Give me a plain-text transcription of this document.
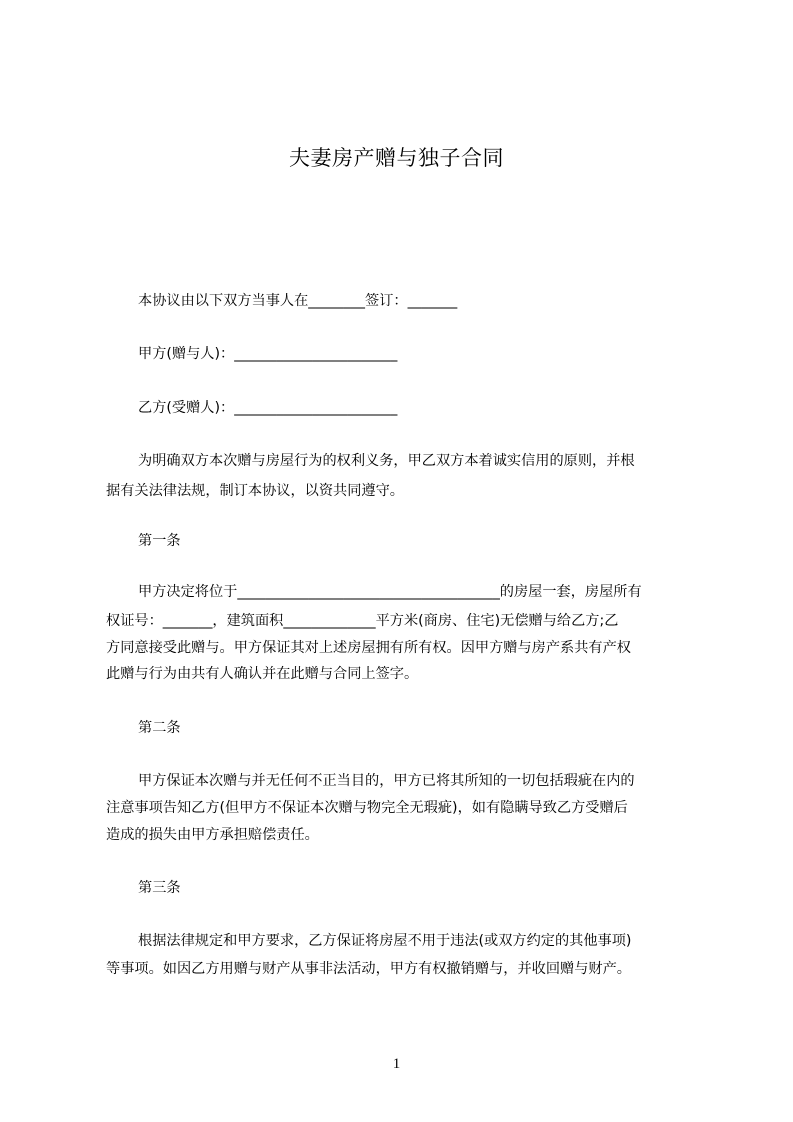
夫妻房产赠与独子合同
本协议由以下双方当事人在________签订：_______
甲方(赠与人)：_______________________
乙方(受赠人)：_______________________
为明确双方本次赠与房屋行为的权利义务，甲乙双方本着诚实信用的原则，并根
据有关法律法规，制订本协议，以资共同遵守。
第一条
甲方决定将位于_____________________________________的房屋一套，房屋所有
权证号：_______，建筑面积_____________平方米(商房、住宅)无偿赠与给乙方;乙
方同意接受此赠与。甲方保证其对上述房屋拥有所有权。因甲方赠与房产系共有产权
此赠与行为由共有人确认并在此赠与合同上签字。
第二条
甲方保证本次赠与并无任何不正当目的，甲方已将其所知的一切包括瑕疵在内的
注意事项告知乙方(但甲方不保证本次赠与物完全无瑕疵)，如有隐瞒导致乙方受赠后
造成的损失由甲方承担赔偿责任。
第三条
根据法律规定和甲方要求，乙方保证将房屋不用于违法(或双方约定的其他事项)
等事项。如因乙方用赠与财产从事非法活动，甲方有权撤销赠与，并收回赠与财产。
1
